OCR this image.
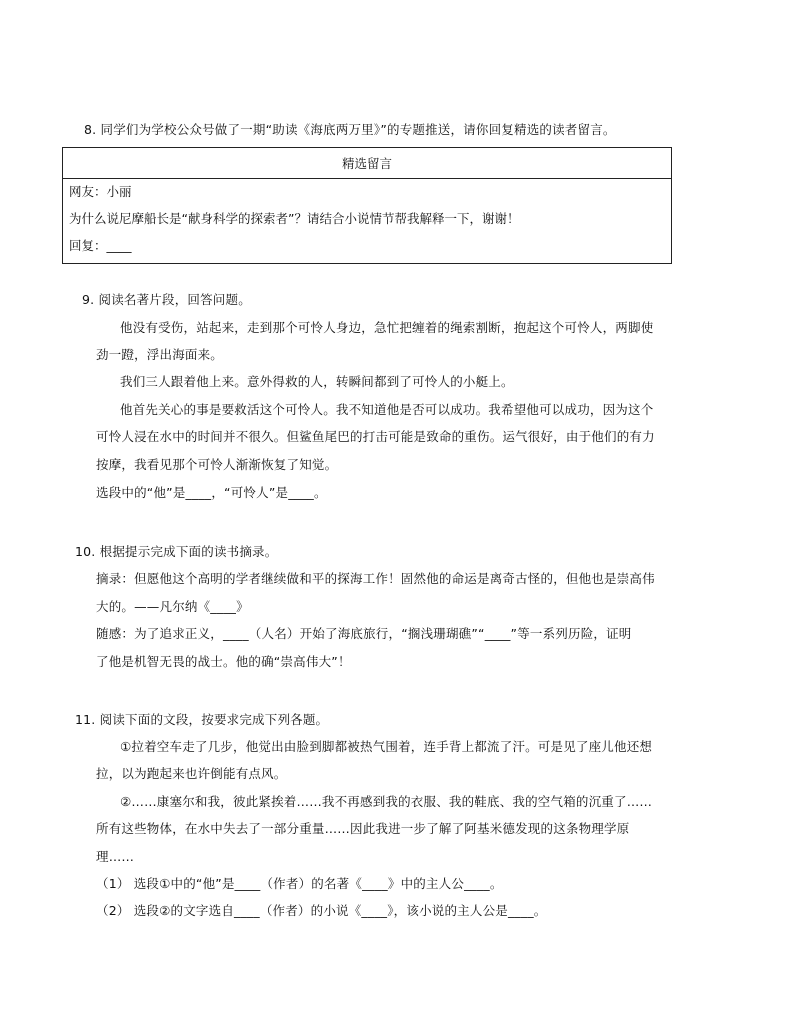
8. 同学们为学校公众号做了一期“助读《海底两万里》”的专题推送，请你回复精选的读者留言。
精选留言

网友：小丽
为什么说尼摩船长是“献身科学的探索者”？请结合小说情节帮我解释一下，谢谢！
回复：____
9. 阅读名著片段，回答问题。
他没有受伤，站起来，走到那个可怜人身边，急忙把缠着的绳索割断，抱起这个可怜人，两脚使
劲一蹬，浮出海面来。
我们三人跟着他上来。意外得救的人，转瞬间都到了可怜人的小艇上。
他首先关心的事是要救活这个可怜人。我不知道他是否可以成功。我希望他可以成功，因为这个
可怜人浸在水中的时间并不很久。但鲨鱼尾巴的打击可能是致命的重伤。运气很好，由于他们的有力
按摩，我看见那个可怜人渐渐恢复了知觉。
选段中的“他”是____，“可怜人”是____。
10. 根据提示完成下面的读书摘录。
摘录：但愿他这个高明的学者继续做和平的探海工作！固然他的命运是离奇古怪的，但他也是崇高伟
大的。——凡尔纳《____》
随感：为了追求正义，____（人名）开始了海底旅行，“搁浅珊瑚礁”“____”等一系列历险，证明
了他是机智无畏的战士。他的确“崇高伟大”！
11. 阅读下面的文段，按要求完成下列各题。
①拉着空车走了几步，他觉出由脸到脚都被热气围着，连手背上都流了汗。可是见了座儿他还想
拉，以为跑起来也许倒能有点风。
②……康塞尔和我，彼此紧挨着……我不再感到我的衣服、我的鞋底、我的空气箱的沉重了……
所有这些物体，在水中失去了一部分重量……因此我进一步了解了阿基米德发现的这条物理学原
理……
（1） 选段①中的“他”是____（作者）的名著《____》中的主人公____。
（2） 选段②的文字选自____（作者）的小说《____》，该小说的主人公是____。
